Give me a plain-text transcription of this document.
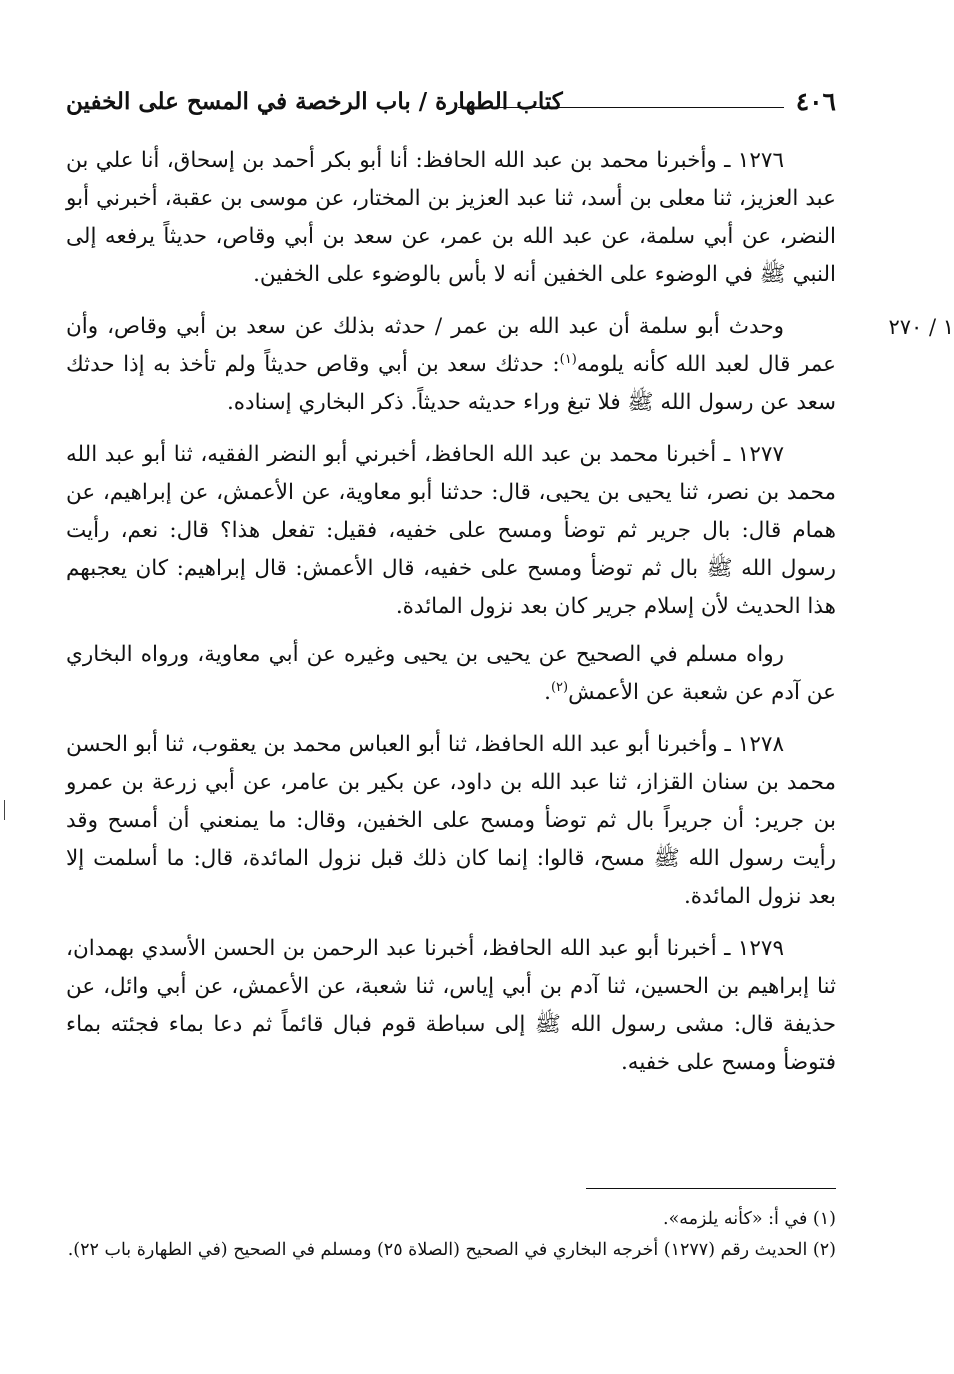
٤٠٦
كتاب الطهارة / باب الرخصة في المسح على الخفين

١٢٧٦ ـ وأخبرنا محمد بن عبد الله الحافظ: أنا أبو بكر أحمد بن إسحاق، أنا علي بن عبد العزيز، ثنا معلى بن أسد، ثنا عبد العزيز بن المختار، عن موسى بن عقبة، أخبرني أبو النضر، عن أبي سلمة، عن عبد الله بن عمر، عن سعد بن أبي وقاص، حديثاً يرفعه إلى النبي ﷺ في الوضوء على الخفين أنه لا بأس بالوضوء على الخفين.

١ / ٢٧٠
وحدث أبو سلمة أن عبد الله بن عمر / حدثه بذلك عن سعد بن أبي وقاص، وأن عمر قال لعبد الله كأنه يلومه$^{(١)}$: حدثك سعد بن أبي وقاص حديثاً ولم تأخذ به إذا حدثك سعد عن رسول الله ﷺ فلا تبغ وراء حديثه حديثاً. ذكر البخاري إسناده.

١٢٧٧ ـ أخبرنا محمد بن عبد الله الحافظ، أخبرني أبو النضر الفقيه، ثنا أبو عبد الله محمد بن نصر، ثنا يحيى بن يحيى، قال: حدثنا أبو معاوية، عن الأعمش، عن إبراهيم، عن همام قال: بال جرير ثم توضأ ومسح على خفيه، فقيل: تفعل هذا؟ قال: نعم، رأيت رسول الله ﷺ بال ثم توضأ ومسح على خفيه، قال الأعمش: قال إبراهيم: كان يعجبهم هذا الحديث لأن إسلام جرير كان بعد نزول المائدة.

رواه مسلم في الصحيح عن يحيى بن يحيى وغيره عن أبي معاوية، ورواه البخاري عن آدم عن شعبة عن الأعمش$^{(٢)}$.

١٢٧٨ ـ وأخبرنا أبو عبد الله الحافظ، ثنا أبو العباس محمد بن يعقوب، ثنا أبو الحسن محمد بن سنان القزاز، ثنا عبد الله بن داود، عن بكير بن عامر، عن أبي زرعة بن عمرو بن جرير: أن جريراً بال ثم توضأ ومسح على الخفين، وقال: ما يمنعني أن أمسح وقد رأيت رسول الله ﷺ مسح، قالوا: إنما كان ذلك قبل نزول المائدة، قال: ما أسلمت إلا بعد نزول المائدة.

١٢٧٩ ـ أخبرنا أبو عبد الله الحافظ، أخبرنا عبد الرحمن بن الحسن الأسدي بهمدان، ثنا إبراهيم بن الحسين، ثنا آدم بن أبي إياس، ثنا شعبة، عن الأعمش، عن أبي وائل، عن حذيفة قال: مشى رسول الله ﷺ إلى سباطة قوم فبال قائماً ثم دعا بماء فجئته بماء فتوضأ ومسح على خفيه.

(١) في أ: «كأنه يلزمه».

(٢) الحديث رقم (١٢٧٧) أخرجه البخاري في الصحيح (الصلاة ٢٥) ومسلم في الصحيح (في الطهارة باب ٢٢).
